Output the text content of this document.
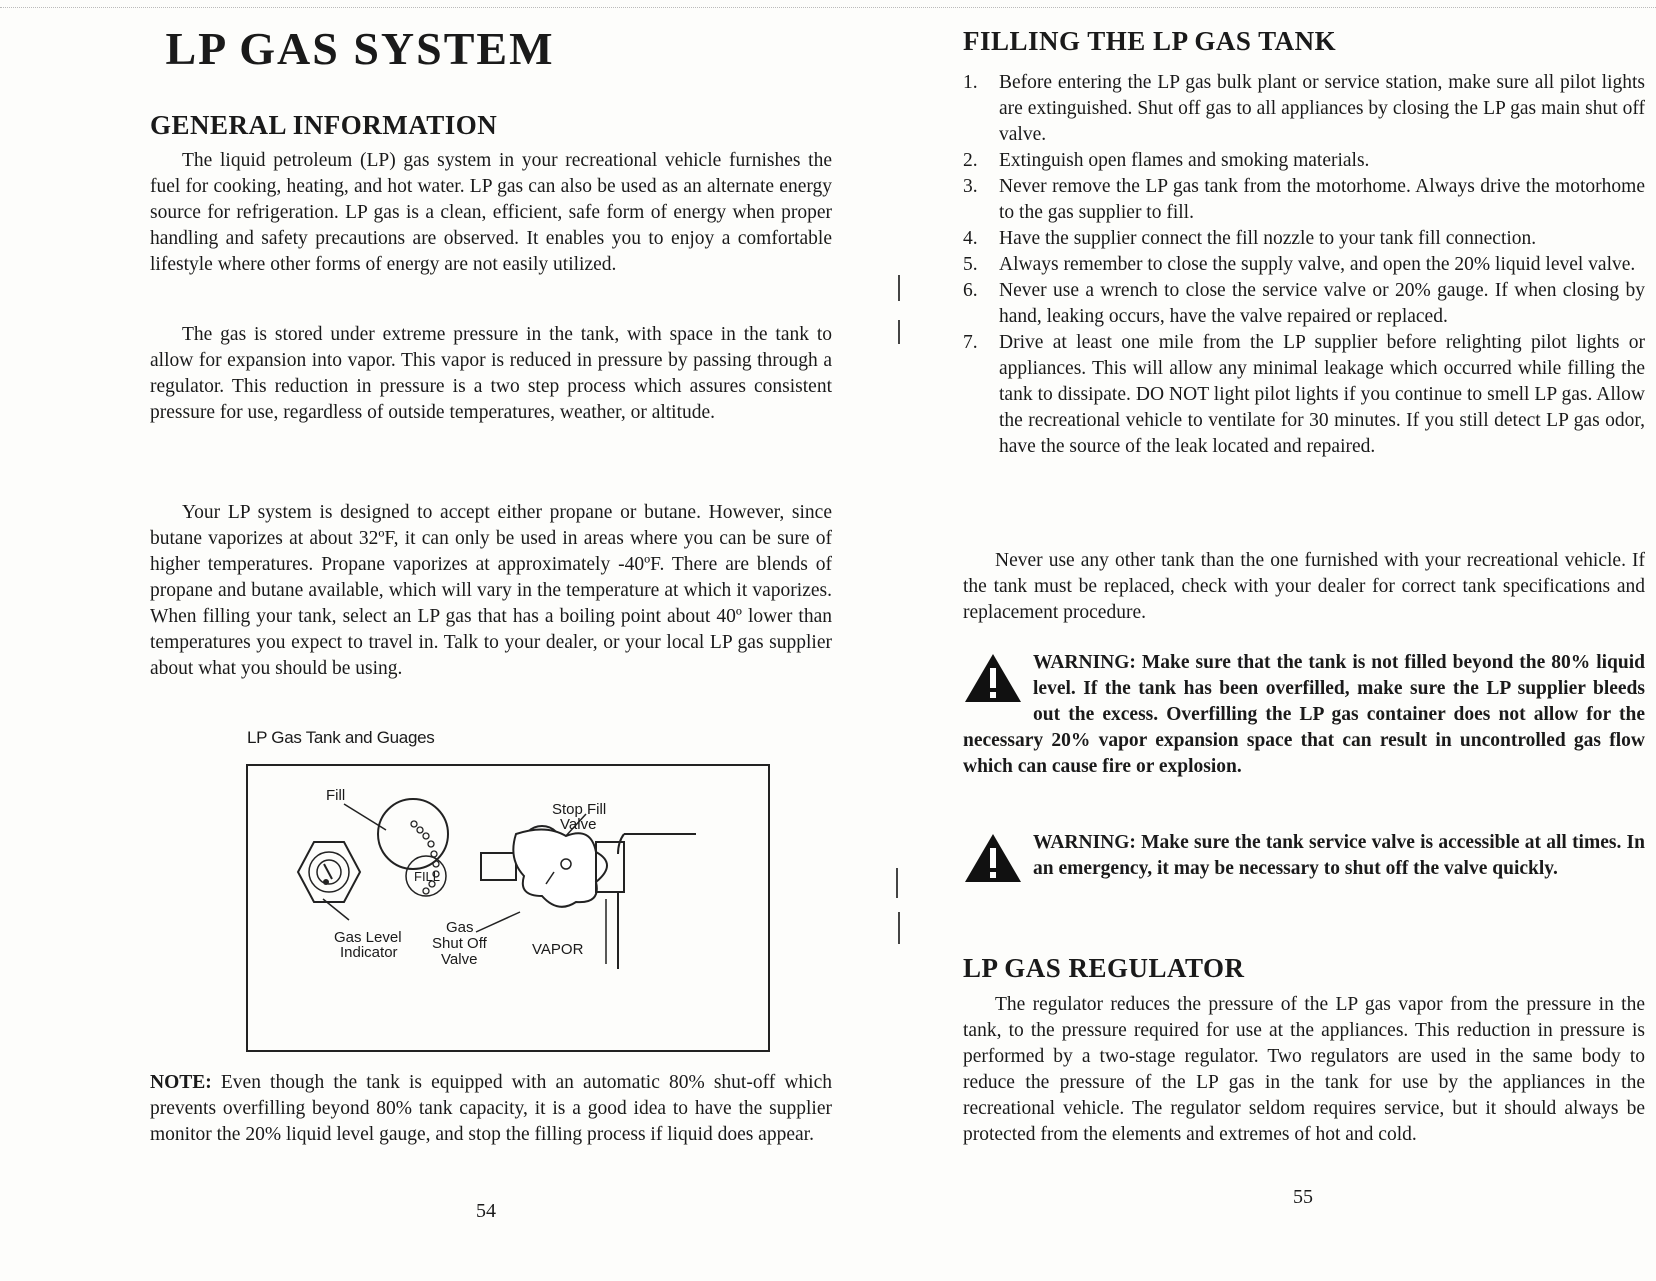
LP GAS SYSTEM
GENERAL INFORMATION

The liquid petroleum (LP) gas system in your recreational vehicle furnishes the fuel for cooking, heating, and hot water. LP gas can also be used as an alternate energy source for refrigeration. LP gas is a clean, efficient, safe form of energy when proper handling and safety precautions are observed. It enables you to enjoy a comfortable lifestyle where other forms of energy are not easily utilized.

The gas is stored under extreme pressure in the tank, with space in the tank to allow for expansion into vapor. This vapor is reduced in pressure by passing through a regulator. This reduction in pressure is a two step process which assures consistent pressure for use, regardless of outside temperatures, weather, or altitude.

Your LP system is designed to accept either propane or butane. However, since butane vaporizes at about 32ºF, it can only be used in areas where you can be sure of higher temperatures. Propane vaporizes at approximately -40ºF. There are blends of propane and butane available, which will vary in the temperature at which it vaporizes. When filling your tank, select an LP gas that has a boiling point about 40º lower than temperatures you expect to travel in. Talk to your dealer, or your local LP gas supplier about what you should be using.

LP Gas Tank and Guages

FILL
Fill
Stop Fill
Valve
Gas Level
Indicator
Gas
Shut Off
Valve
VAPOR

NOTE: Even though the tank is equipped with an automatic 80% shut-off which prevents overfilling beyond 80% tank capacity, it is a good idea to have the supplier monitor the 20% liquid level gauge, and stop the filling process if liquid does appear.

54
FILLING THE LP GAS TANK
1. Before entering the LP gas bulk plant or service station, make sure all pilot lights are extinguished. Shut off gas to all appliances by closing the LP gas main shut off valve.
2. Extinguish open flames and smoking materials.
3. Never remove the LP gas tank from the motorhome. Always drive the motorhome to the gas supplier to fill.
4. Have the supplier connect the fill nozzle to your tank fill connection.
5. Always remember to close the supply valve, and open the 20% liquid level valve.
6. Never use a wrench to close the service valve or 20% gauge. If when closing by hand, leaking occurs, have the valve repaired or replaced.
7. Drive at least one mile from the LP supplier before relighting pilot lights or appliances. This will allow any minimal leakage which occurred while filling the tank to dissipate. DO NOT light pilot lights if you continue to smell LP gas. Allow the recreational vehicle to ventilate for 30 minutes. If you still detect LP gas odor, have the source of the leak located and repaired.

Never use any other tank than the one furnished with your recreational vehicle. If the tank must be replaced, check with your dealer for correct tank specifications and replacement procedure.

WARNING: Make sure that the tank is not filled beyond the 80% liquid level. If the tank has been overfilled, make sure the LP supplier bleeds out the excess. Overfilling the LP gas container does not allow for the necessary 20% vapor expansion space that can result in uncontrolled gas flow which can cause fire or explosion.
WARNING: Make sure the tank service valve is accessible at all times. In an emergency, it may be necessary to shut off the valve quickly.
LP GAS REGULATOR

The regulator reduces the pressure of the LP gas vapor from the pressure in the tank, to the pressure required for use at the appliances. This reduction in pressure is performed by a two-stage regulator. Two regulators are used in the same body to reduce the pressure of the LP gas in the tank for use by the appliances in the recreational vehicle. The regulator seldom requires service, but it should always be protected from the elements and extremes of hot and cold.

55
